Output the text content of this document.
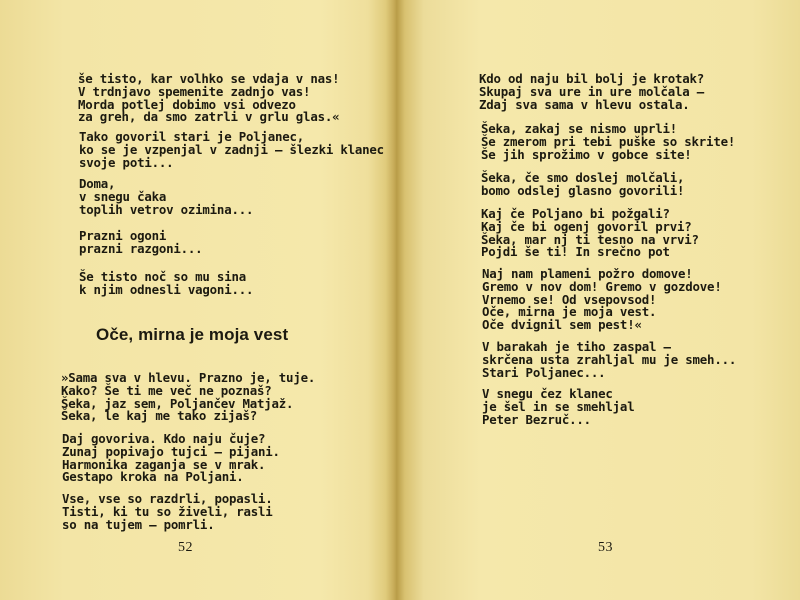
še tisto, kar volhko se vdaja v nas!
V trdnjavo spemenite zadnjo vas!
Morda potlej dobimo vsi odvezo
za greh, da smo zatrli v grlu glas.«
Tako govoril stari je Poljanec,
ko se je vzpenjal v zadnji — šlezki klanec
svoje poti...
Doma,
v snegu čaka
toplih vetrov ozimina...
Prazni ogoni
prazni razgoni...
Še tisto noč so mu sina
k njim odnesli vagoni...
Oče, mirna je moja vest
»Sama sva v hlevu. Prazno je, tuje.
Kako? Še ti me več ne poznaš?
Šeka, jaz sem, Poljančev Matjaž.
Šeka, le kaj me tako zijaš?
Daj govoriva. Kdo naju čuje?
Zunaj popivajo tujci — pijani.
Harmonika zaganja se v mrak.
Gestapo kroka na Poljani.
Vse, vse so razdrli, popasli.
Tisti, ki tu so živeli, rasli
so na tujem — pomrli.
52
Kdo od naju bil bolj je krotak?
Skupaj sva ure in ure molčala —
Zdaj sva sama v hlevu ostala.
Šeka, zakaj se nismo uprli!
Še zmerom pri tebi puške so skrite!
Še jih sprožimo v gobce site!
Šeka, če smo doslej molčali,
bomo odslej glasno govorili!
Kaj če Poljano bi požgali?
Kaj če bi ogenj govoril prvi?
Šeka, mar nj ti tesno na vrvi?
Pojdi še ti! In srečno pot
Naj nam plameni požro domove!
Gremo v nov dom! Gremo v gozdove!
Vrnemo se! Od vsepovsod!
Oče, mirna je moja vest.
Oče dvignil sem pest!«
V barakah je tiho zaspal —
skrčena usta zrahljal mu je smeh...
Stari Poljanec...
V snegu čez klanec
je šel in se smehljal
Peter Bezruč...
53
